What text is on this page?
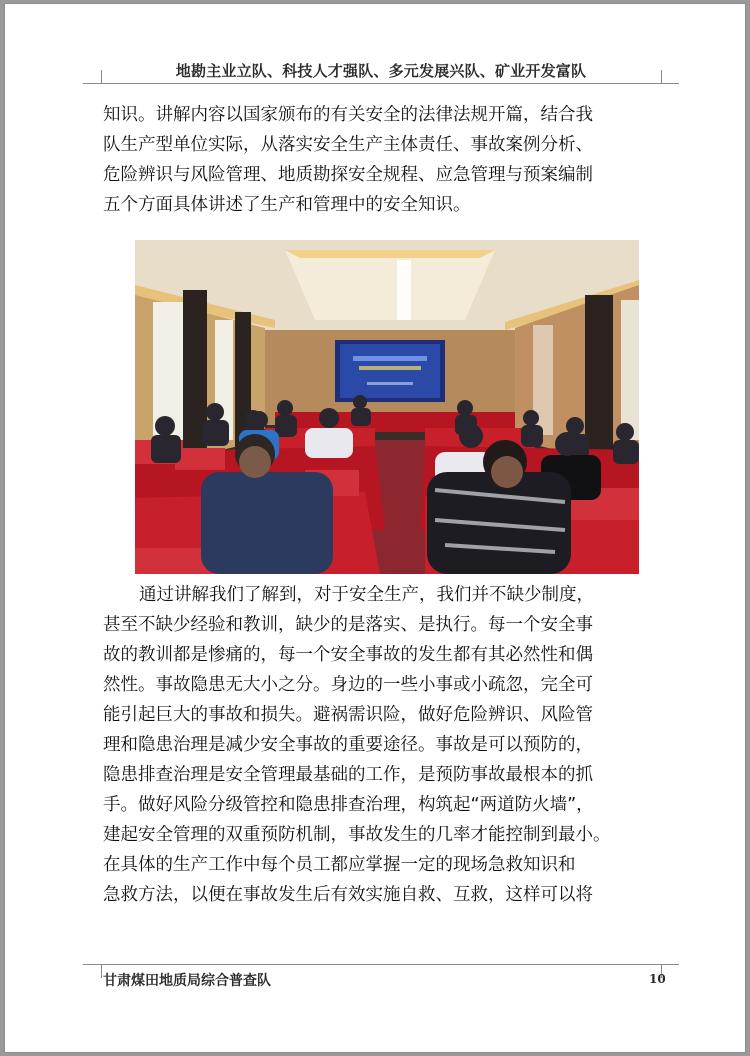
地勘主业立队、科技人才强队、多元发展兴队、矿业开发富队
知识。讲解内容以国家颁布的有关安全的法律法规开篇，结合我
队生产型单位实际，从落实安全生产主体责任、事故案例分析、
危险辨识与风险管理、地质勘探安全规程、应急管理与预案编制
五个方面具体讲述了生产和管理中的安全知识。
通过讲解我们了解到，对于安全生产，我们并不缺少制度，
甚至不缺少经验和教训，缺少的是落实、是执行。每一个安全事
故的教训都是惨痛的，每一个安全事故的发生都有其必然性和偶
然性。事故隐患无大小之分。身边的一些小事或小疏忽，完全可
能引起巨大的事故和损失。避祸需识险，做好危险辨识、风险管
理和隐患治理是减少安全事故的重要途径。事故是可以预防的，
隐患排查治理是安全管理最基础的工作，是预防事故最根本的抓
手。做好风险分级管控和隐患排查治理，构筑起“两道防火墙”，
建起安全管理的双重预防机制，事故发生的几率才能控制到最小。
在具体的生产工作中每个员工都应掌握一定的现场急救知识和
急救方法，以便在事故发生后有效实施自救、互救，这样可以将
甘肃煤田地质局综合普查队	10
